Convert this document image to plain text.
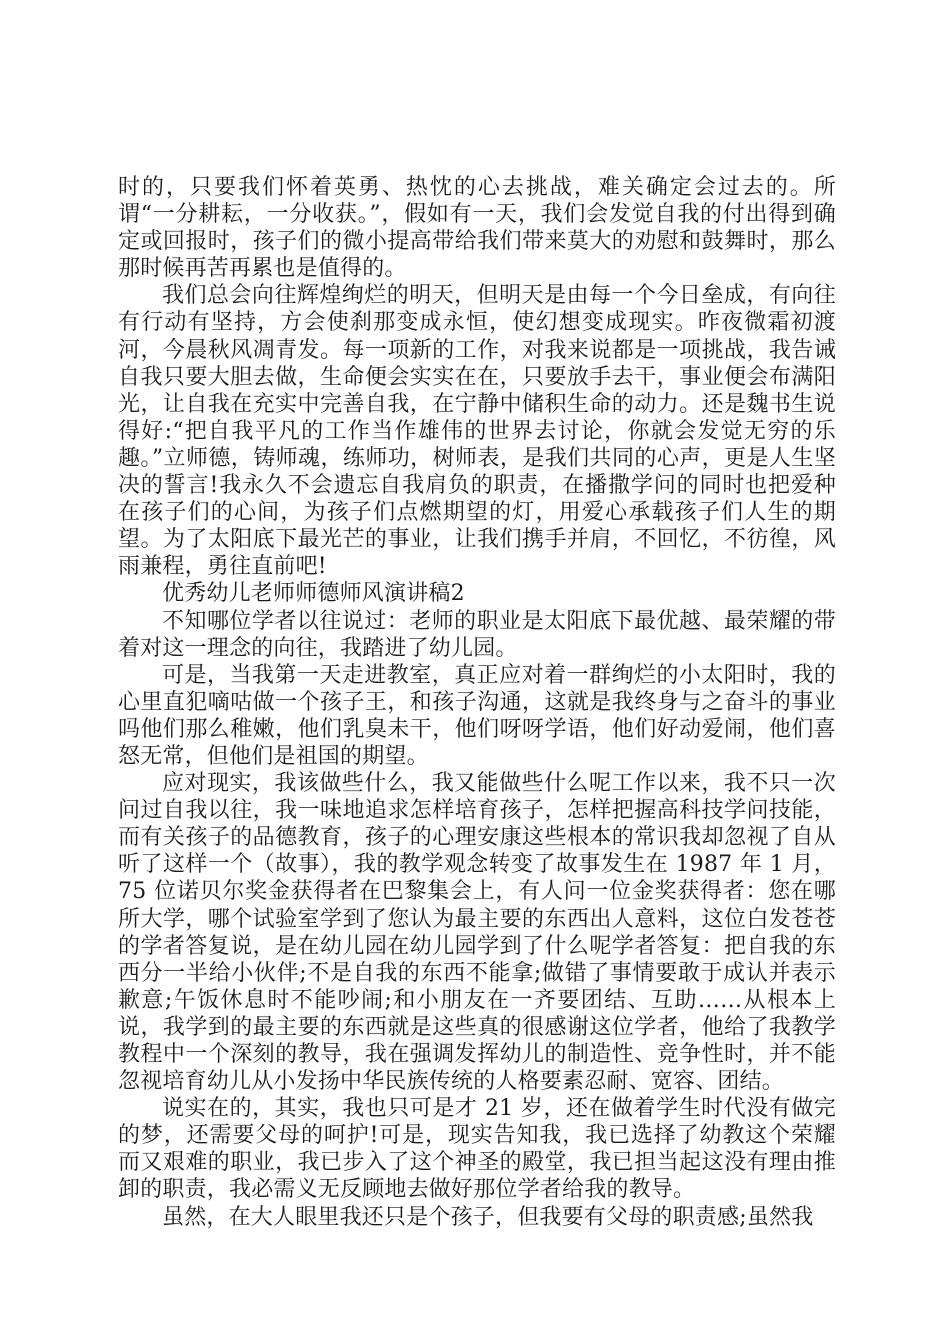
时的，只要我们怀着英勇、热忱的心去挑战，难关确定会过去的。所谓“一分耕耘，一分收获。”，假如有一天，我们会发觉自我的付出得到确定或回报时，孩子们的微小提高带给我们带来莫大的劝慰和鼓舞时，那么那时候再苦再累也是值得的。

我们总会向往辉煌绚烂的明天，但明天是由每一个今日垒成，有向往有行动有坚持，方会使刹那变成永恒，使幻想变成现实。昨夜微霜初渡河，今晨秋风凋青发。每一项新的工作，对我来说都是一项挑战，我告诫自我只要大胆去做，生命便会实实在在，只要放手去干，事业便会布满阳光，让自我在充实中完善自我，在宁静中储积生命的动力。还是魏书生说得好:“把自我平凡的工作当作雄伟的世界去讨论，你就会发觉无穷的乐趣。”立师德，铸师魂，练师功，树师表，是我们共同的心声，更是人生坚决的誓言!我永久不会遗忘自我肩负的职责，在播撒学问的同时也把爱种在孩子们的心间，为孩子们点燃期望的灯，用爱心承载孩子们人生的期望。为了太阳底下最光芒的事业，让我们携手并肩，不回忆，不彷徨，风雨兼程，勇往直前吧!

优秀幼儿老师师德师风演讲稿2

不知哪位学者以往说过：老师的职业是太阳底下最优越、最荣耀的带着对这一理念的向往，我踏进了幼儿园。

可是，当我第一天走进教室，真正应对着一群绚烂的小太阳时，我的心里直犯嘀咕做一个孩子王，和孩子沟通，这就是我终身与之奋斗的事业吗他们那么稚嫩，他们乳臭未干，他们呀呀学语，他们好动爱闹，他们喜怒无常，但他们是祖国的期望。

应对现实，我该做些什么，我又能做些什么呢工作以来，我不只一次问过自我以往，我一味地追求怎样培育孩子，怎样把握高科技学问技能，而有关孩子的品德教育，孩子的心理安康这些根本的常识我却忽视了自从听了这样一个（故事），我的教学观念转变了故事发生在 1987 年 1 月，75 位诺贝尔奖金获得者在巴黎集会上，有人问一位金奖获得者：您在哪所大学，哪个试验室学到了您认为最主要的东西出人意料，这位白发苍苍的学者答复说，是在幼儿园在幼儿园学到了什么呢学者答复：把自我的东西分一半给小伙伴;不是自我的东西不能拿;做错了事情要敢于成认并表示歉意;午饭休息时不能吵闹;和小朋友在一齐要团结、互助……从根本上说，我学到的最主要的东西就是这些真的很感谢这位学者，他给了我教学教程中一个深刻的教导，我在强调发挥幼儿的制造性、竞争性时，并不能忽视培育幼儿从小发扬中华民族传统的人格要素忍耐、宽容、团结。

说实在的，其实，我也只可是才 21 岁，还在做着学生时代没有做完的梦，还需要父母的呵护!可是，现实告知我，我已选择了幼教这个荣耀而又艰难的职业，我已步入了这个神圣的殿堂，我已担当起这没有理由推卸的职责，我必需义无反顾地去做好那位学者给我的教导。

虽然，在大人眼里我还只是个孩子，但我要有父母的职责感;虽然我
